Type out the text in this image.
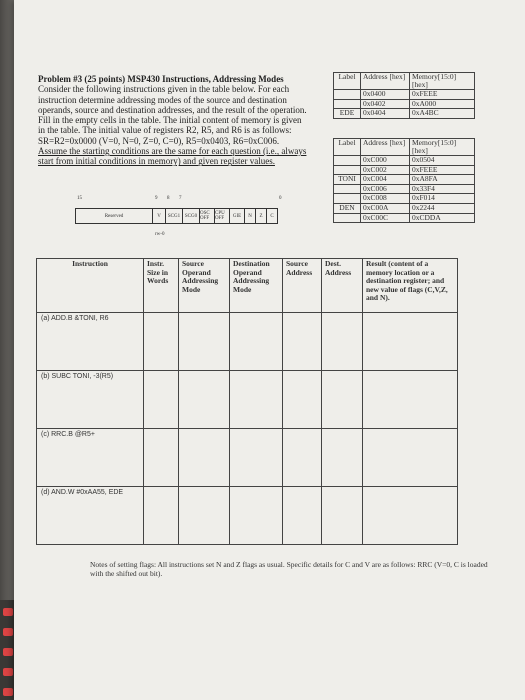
Problem #3 (25 points) MSP430 Instructions, Addressing Modes Consider the following instructions given in the table below. For each instruction determine addressing modes of the source and destination operands, source and destination addresses, and the result of the operation. Fill in the empty cells in the table. The initial content of memory is given in the table. The initial value of registers R2, R5, and R6 is as follows: SR=R2=0x0000 (V=0, N=0, Z=0, C=0), R5=0x0403, R6=0xC006. Assume the starting conditions are the same for each question (i.e., always start from initial conditions in memory) and given register values.
Label	Address [hex]	Memory[15:0] [hex]
	0x0400	0xFEEE
	0x0402	0xA000
EDE	0x0404	0xA4BC
Label	Address [hex]	Memory[15:0] [hex]
	0xC000	0x0504
	0xC002	0xFEEE
TONI	0xC004	0xA8FA
	0xC006	0x33F4
	0xC008	0xF014
DEN	0xC00A	0x2244
	0xC00C	0xCDDA
15	9 8 7	0
Reserved	V	SCG1 SCG0 OSC OFF
CPU OFF	GIE	N	Z	C
rw-0
Instruction	Instr. Size in Words	Source Operand Addressing Mode	Destination Operand Addressing Mode	Source Address	Dest. Address	Result (content of a memory location or a destination register; and new value of flags (C,V,Z, and N).

(a) ADD.B &TONI, R6						

(b) SUBC TONI, -3(R5)						

(c) RRC.B @R5+						

(d) AND.W #0xAA55, EDE						

Notes of setting flags: All instructions set N and Z flags as usual. Specific details for C and V are as follows: RRC (V=0, C is loaded with the shifted out bit).
